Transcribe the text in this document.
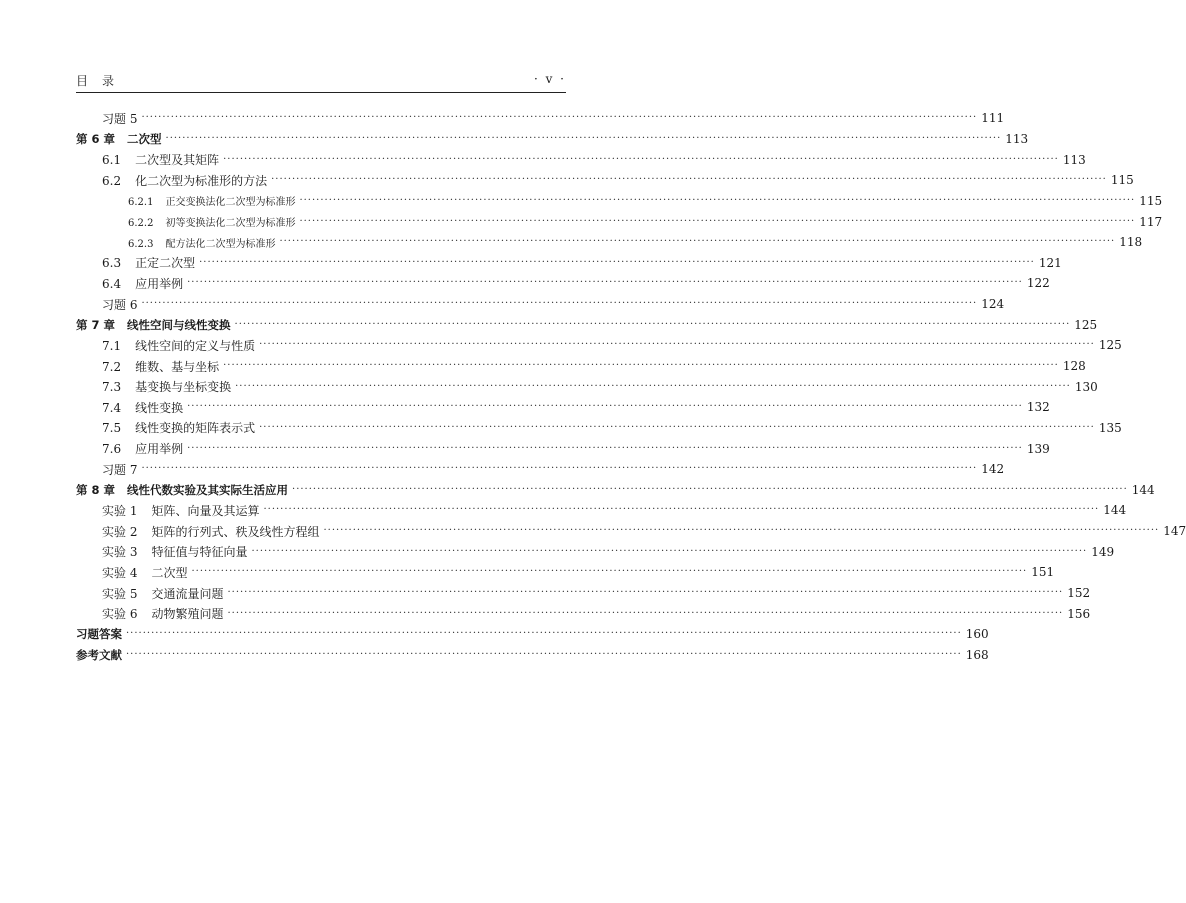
目录	· v ·
习题 5 ········································································································································································································ 111
第 6 章 二次型 ········································································································································································································ 113
6.1 二次型及其矩阵 ········································································································································································································ 113
6.2 化二次型为标准形的方法 ········································································································································································································ 115
6.2.1 正交变换法化二次型为标准形 ········································································································································································································ 115
6.2.2 初等变换法化二次型为标准形 ········································································································································································································ 117
6.2.3 配方法化二次型为标准形 ········································································································································································································ 118
6.3 正定二次型 ········································································································································································································ 121
6.4 应用举例 ········································································································································································································ 122
习题 6 ········································································································································································································ 124
第 7 章 线性空间与线性变换 ········································································································································································································ 125
7.1 线性空间的定义与性质 ········································································································································································································ 125
7.2 维数、基与坐标 ········································································································································································································ 128
7.3 基变换与坐标变换 ········································································································································································································ 130
7.4 线性变换 ········································································································································································································ 132
7.5 线性变换的矩阵表示式 ········································································································································································································ 135
7.6 应用举例 ········································································································································································································ 139
习题 7 ········································································································································································································ 142
第 8 章 线性代数实验及其实际生活应用 ········································································································································································································ 144
实验 1 矩阵、向量及其运算 ········································································································································································································ 144
实验 2 矩阵的行列式、秩及线性方程组 ········································································································································································································ 147
实验 3 特征值与特征向量 ········································································································································································································ 149
实验 4 二次型 ········································································································································································································ 151
实验 5 交通流量问题 ········································································································································································································ 152
实验 6 动物繁殖问题 ········································································································································································································ 156
习题答案 ········································································································································································································ 160
参考文献 ········································································································································································································ 168
